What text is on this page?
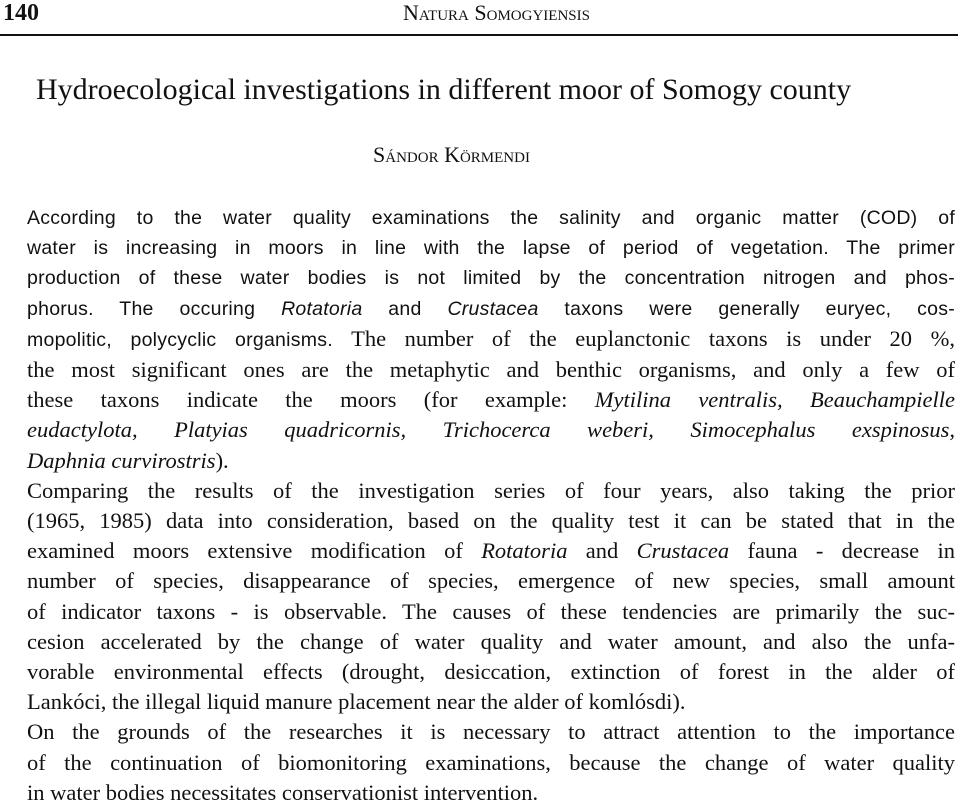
140	Natura Somogyiensis
Hydroecological investigations in different moor of Somogy county
Sándor Körmendi

According to the water quality examinations the salinity and organic matter (COD) of
water is increasing in moors in line with the lapse of period of vegetation. The primer
production of these water bodies is not limited by the concentration nitrogen and phos-
phorus. The occuring Rotatoria and Crustacea taxons were generally euryec, cos-
mopolitic, polycyclic organisms. The number of the euplanctonic taxons is under 20 %,
the most significant ones are the metaphytic and benthic organisms, and only a few of
these taxons indicate the moors (for example: Mytilina ventralis, Beauchampielle
eudactylota, Platyias quadricornis, Trichocerca weberi, Simocephalus exspinosus,
Daphnia curvirostris).

Comparing the results of the investigation series of four years, also taking the prior
(1965, 1985) data into consideration, based on the quality test it can be stated that in the
examined moors extensive modification of Rotatoria and Crustacea fauna - decrease in
number of species, disappearance of species, emergence of new species, small amount
of indicator taxons - is observable. The causes of these tendencies are primarily the suc-
cesion accelerated by the change of water quality and water amount, and also the unfa-
vorable environmental effects (drought, desiccation, extinction of forest in the alder of
Lankóci, the illegal liquid manure placement near the alder of komlósdi).

On the grounds of the researches it is necessary to attract attention to the importance
of the continuation of biomonitoring examinations, because the change of water quality
in water bodies necessitates conservationist intervention.
